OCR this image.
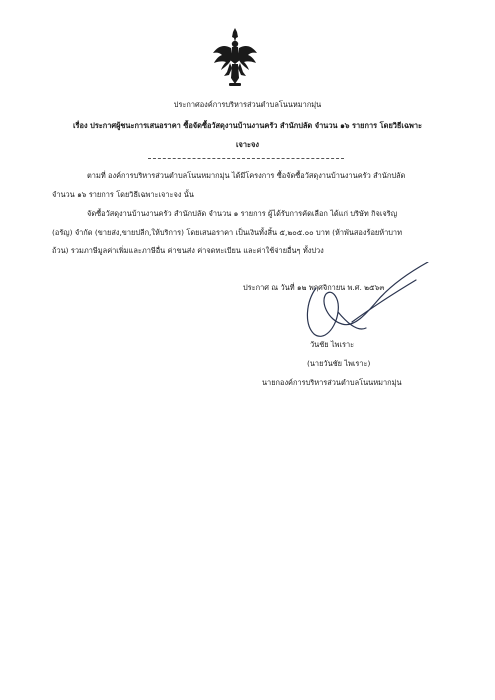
ประกาศองค์การบริหารส่วนตำบลโนนหมากมุ่น
เรื่อง ประกาศผู้ชนะการเสนอราคา ซื้อจัดซื้อวัสดุงานบ้านงานครัว สำนักปลัด จำนวน ๑๖ รายการ โดยวิธีเฉพาะ
เจาะจง
ตามที่ องค์การบริหารส่วนตำบลโนนหมากมุ่น ได้มีโครงการ ซื้อจัดซื้อวัสดุงานบ้านงานครัว สำนักปลัด
จำนวน ๑๖ รายการ โดยวิธีเฉพาะเจาะจง นั้น
จัดซื้อวัสดุงานบ้านงานครัว สำนักปลัด จำนวน ๑ รายการ ผู้ได้รับการคัดเลือก ได้แก่ บริษัท กิจเจริญ
(อรัญ) จำกัด (ขายส่ง,ขายปลีก,ให้บริการ) โดยเสนอราคา เป็นเงินทั้งสิ้น ๕,๒๐๕.๐๐ บาท (ห้าพันสองร้อยห้าบาท
ถ้วน) รวมภาษีมูลค่าเพิ่มและภาษีอื่น ค่าขนส่ง ค่าจดทะเบียน และค่าใช้จ่ายอื่นๆ ทั้งปวง
ประกาศ ณ วันที่ ๑๒ พฤศจิกายน พ.ศ. ๒๕๖๓
วันชัย ไพเราะ
(นายวันชัย ไพเราะ)
นายกองค์การบริหารส่วนตำบลโนนหมากมุ่น
